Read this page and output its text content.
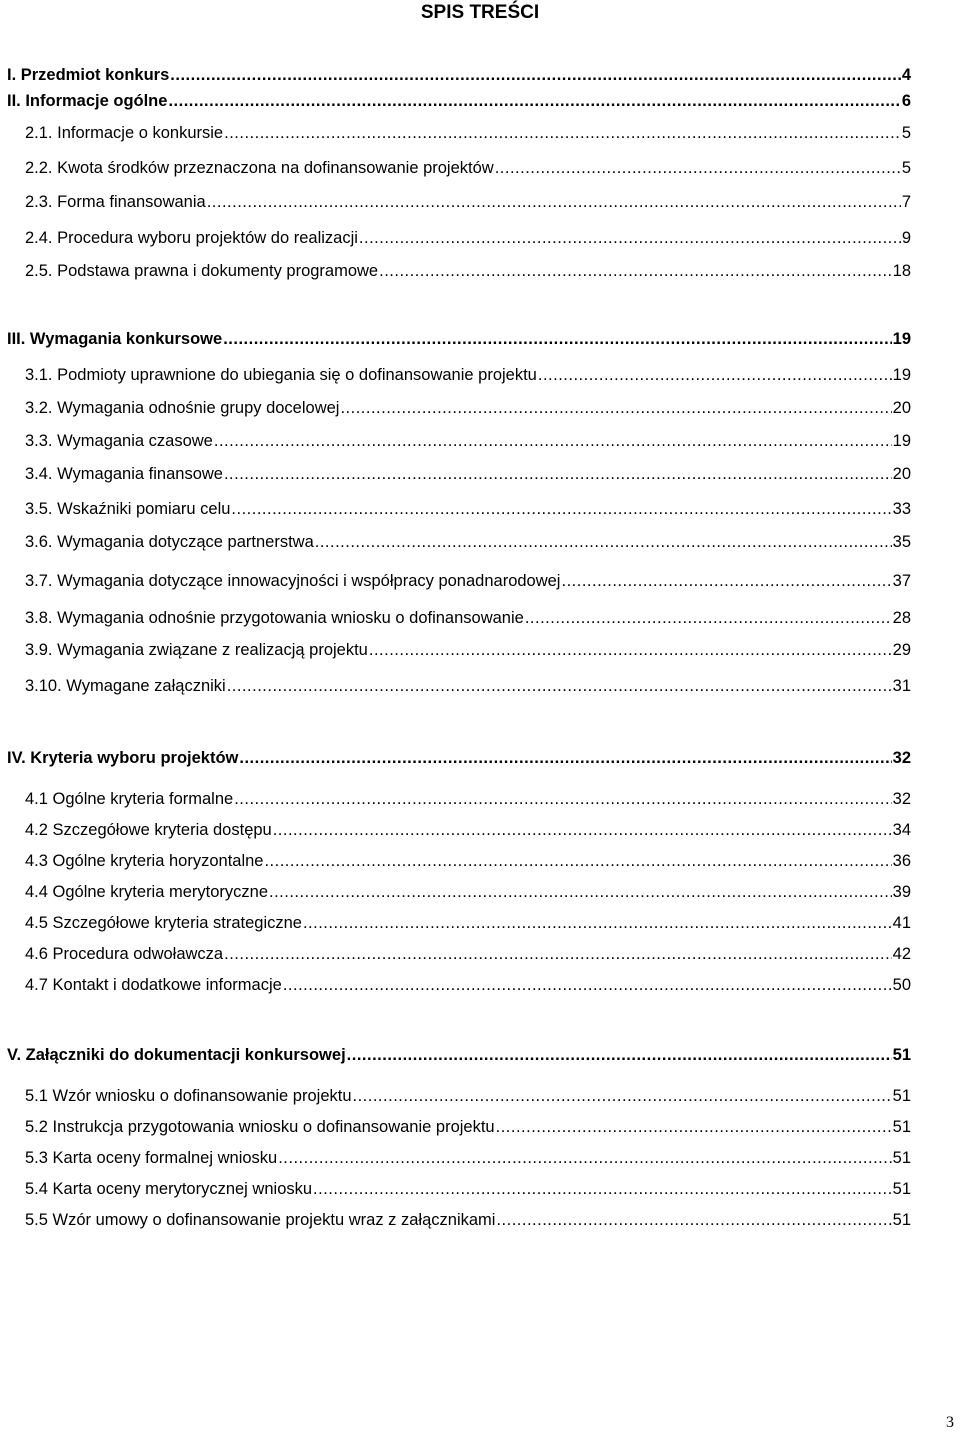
SPIS TREŚCI
I. Przedmiot konkurs .....	4
II. Informacje ogólne .....	6
2.1. Informacje o konkursie .....	5
2.2. Kwota środków przeznaczona na dofinansowanie projektów .....	5
2.3. Forma finansowania .....	7
2.4. Procedura wyboru projektów do realizacji .....	9
2.5. Podstawa prawna i dokumenty programowe .....	18
III. Wymagania konkursowe .....	19
3.1. Podmioty uprawnione do ubiegania się o dofinansowanie projektu .....	19
3.2. Wymagania odnośnie grupy docelowej .....	20
3.3. Wymagania czasowe .....	19
3.4. Wymagania finansowe .....	20
3.5. Wskaźniki pomiaru celu .....	33
3.6. Wymagania dotyczące partnerstwa .....	35
3.7. Wymagania dotyczące innowacyjności i współpracy ponadnarodowej .....	37
3.8. Wymagania odnośnie przygotowania wniosku o dofinansowanie .....	28
3.9. Wymagania związane z realizacją projektu .....	29
3.10. Wymagane załączniki .....	31
IV. Kryteria wyboru projektów .....	32
4.1 Ogólne kryteria formalne .....	32
4.2 Szczegółowe kryteria dostępu .....	34
4.3 Ogólne kryteria horyzontalne .....	36
4.4 Ogólne kryteria merytoryczne .....	39
4.5 Szczegółowe kryteria strategiczne .....	41
4.6 Procedura odwoławcza .....	42
4.7 Kontakt i dodatkowe informacje .....	50
V. Załączniki do dokumentacji konkursowej .....	51
5.1 Wzór wniosku o dofinansowanie projektu .....	51
5.2 Instrukcja przygotowania wniosku o dofinansowanie projektu .....	51
5.3 Karta oceny formalnej wniosku .....	51
5.4 Karta oceny merytorycznej wniosku .....	51
5.5 Wzór umowy o dofinansowanie projektu wraz z załącznikami .....	51
3
